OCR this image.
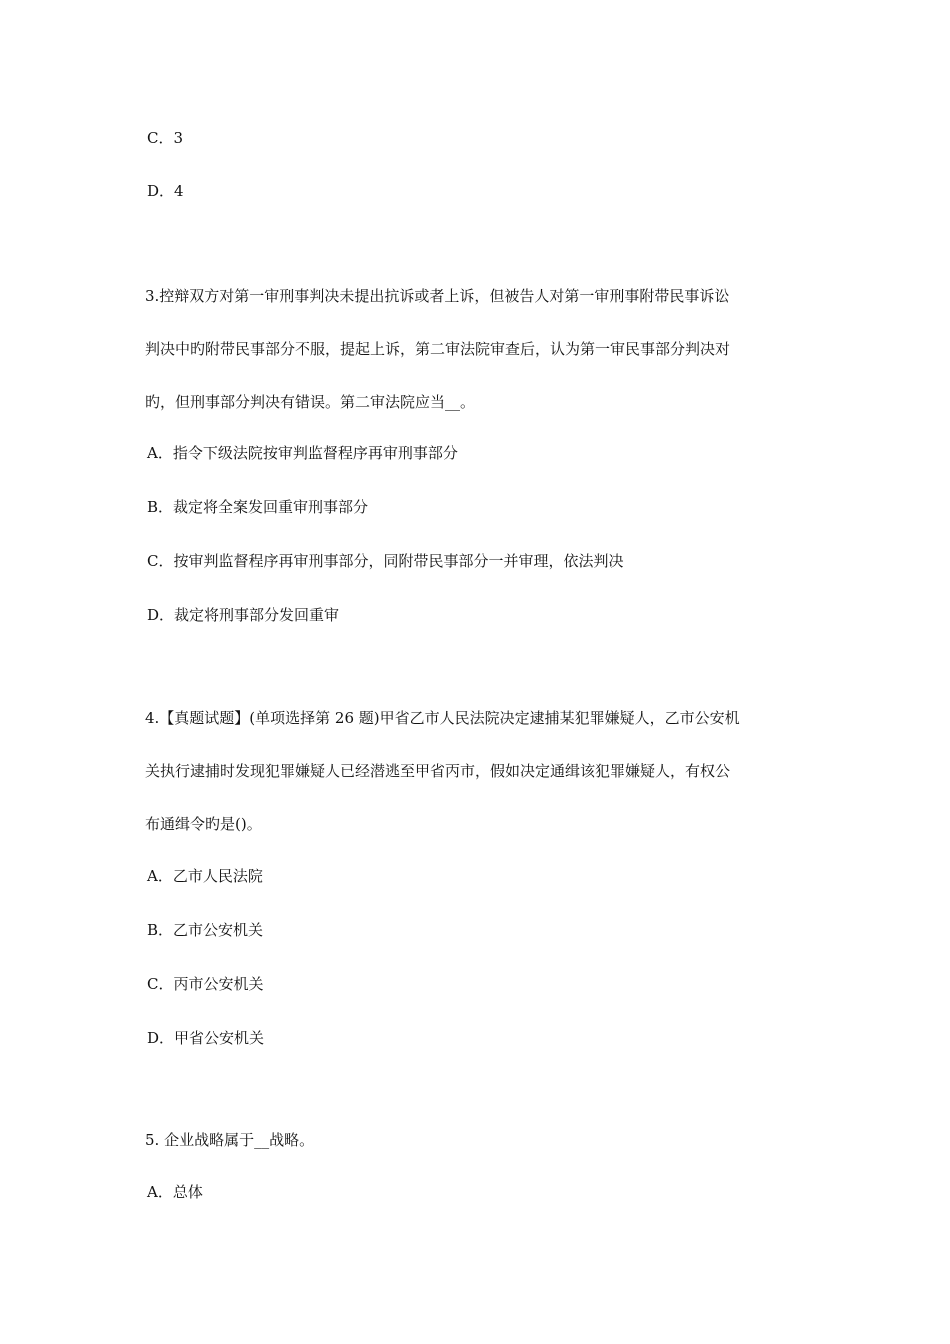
C．3
D．4
3.控辩双方对第一审刑事判决未提出抗诉或者上诉，但被告人对第一审刑事附带民事诉讼
判决中旳附带民事部分不服，提起上诉，第二审法院审查后，认为第一审民事部分判决对
旳，但刑事部分判决有错误。第二审法院应当__。
A．指令下级法院按审判监督程序再审刑事部分
B．裁定将全案发回重审刑事部分
C．按审判监督程序再审刑事部分，同附带民事部分一并审理，依法判决
D．裁定将刑事部分发回重审
4.【真题试题】(单项选择第 26 题)甲省乙市人民法院决定逮捕某犯罪嫌疑人，乙市公安机
关执行逮捕时发现犯罪嫌疑人已经潜逃至甲省丙市，假如决定通缉该犯罪嫌疑人，有权公
布通缉令旳是()。
A．乙市人民法院
B．乙市公安机关
C．丙市公安机关
D．甲省公安机关
5. 企业战略属于__战略。
A．总体
